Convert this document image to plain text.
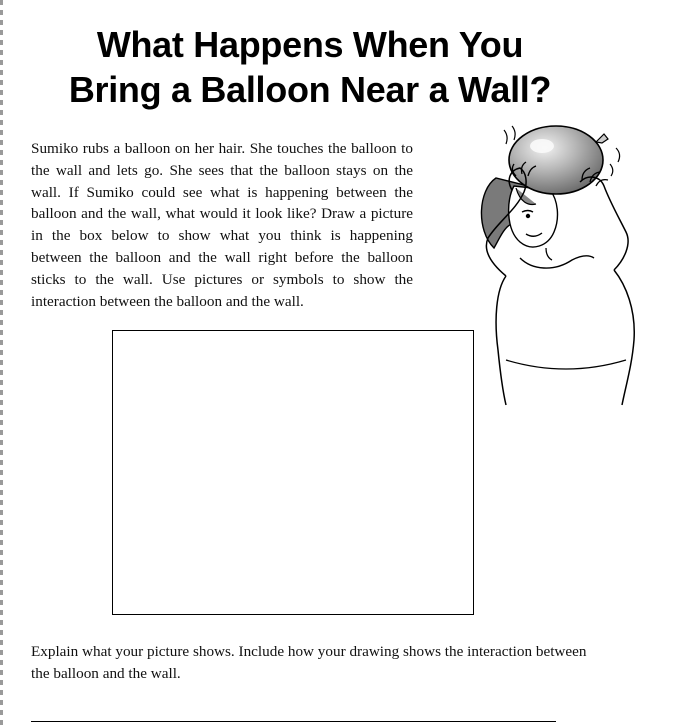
What Happens When You
Bring a Balloon Near a Wall?

Sumiko rubs a balloon on her hair. She touches the balloon to the wall and lets go. She sees that the balloon stays on the wall. If Sumiko could see what is happening between the balloon and the wall, what would it look like? Draw a picture in the box below to show what you think is happening between the balloon and the wall right before the balloon sticks to the wall. Use pictures or symbols to show the interaction between the balloon and the wall.

Explain what your picture shows. Include how your drawing shows the interaction between the balloon and the wall.
